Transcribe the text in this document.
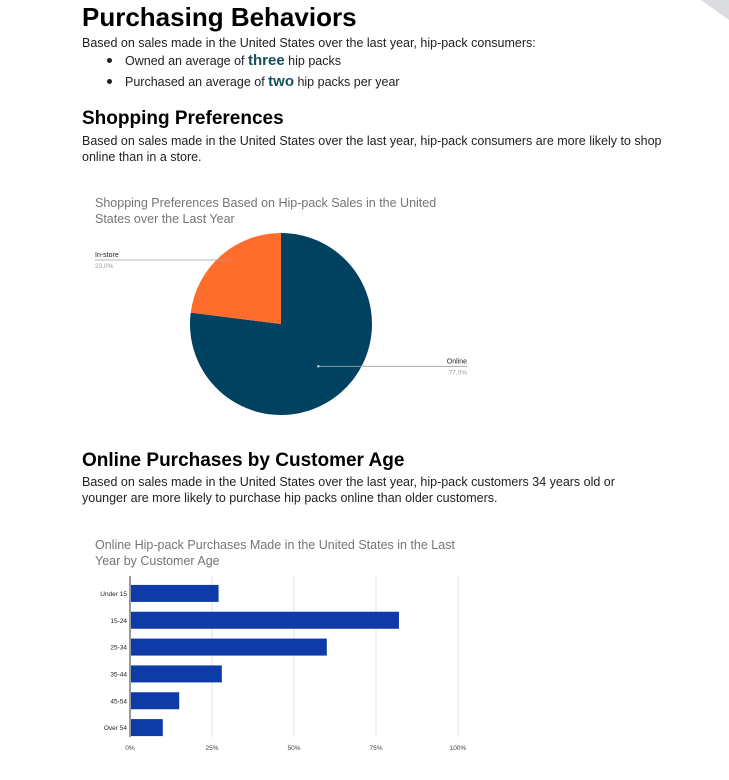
Purchasing Behaviors
Based on sales made in the United States over the last year, hip-pack consumers:
Owned an average of three hip packs
Purchased an average of two hip packs per year
Shopping Preferences
Based on sales made in the United States over the last year, hip-pack consumers are more likely to shop online than in a store.
Shopping Preferences Based on Hip-pack Sales in the United States over the Last Year
Online
77.0%
In-store
23.0%
Online Purchases by Customer Age
Based on sales made in the United States over the last year, hip-pack customers 34 years old or younger are more likely to purchase hip packs online than older customers.
Online Hip-pack Purchases Made in the United States in the Last Year by Customer Age
0%	25%	50%	75%	100%
Under 15
15-24
25-34
35-44
45-54
Over 54
